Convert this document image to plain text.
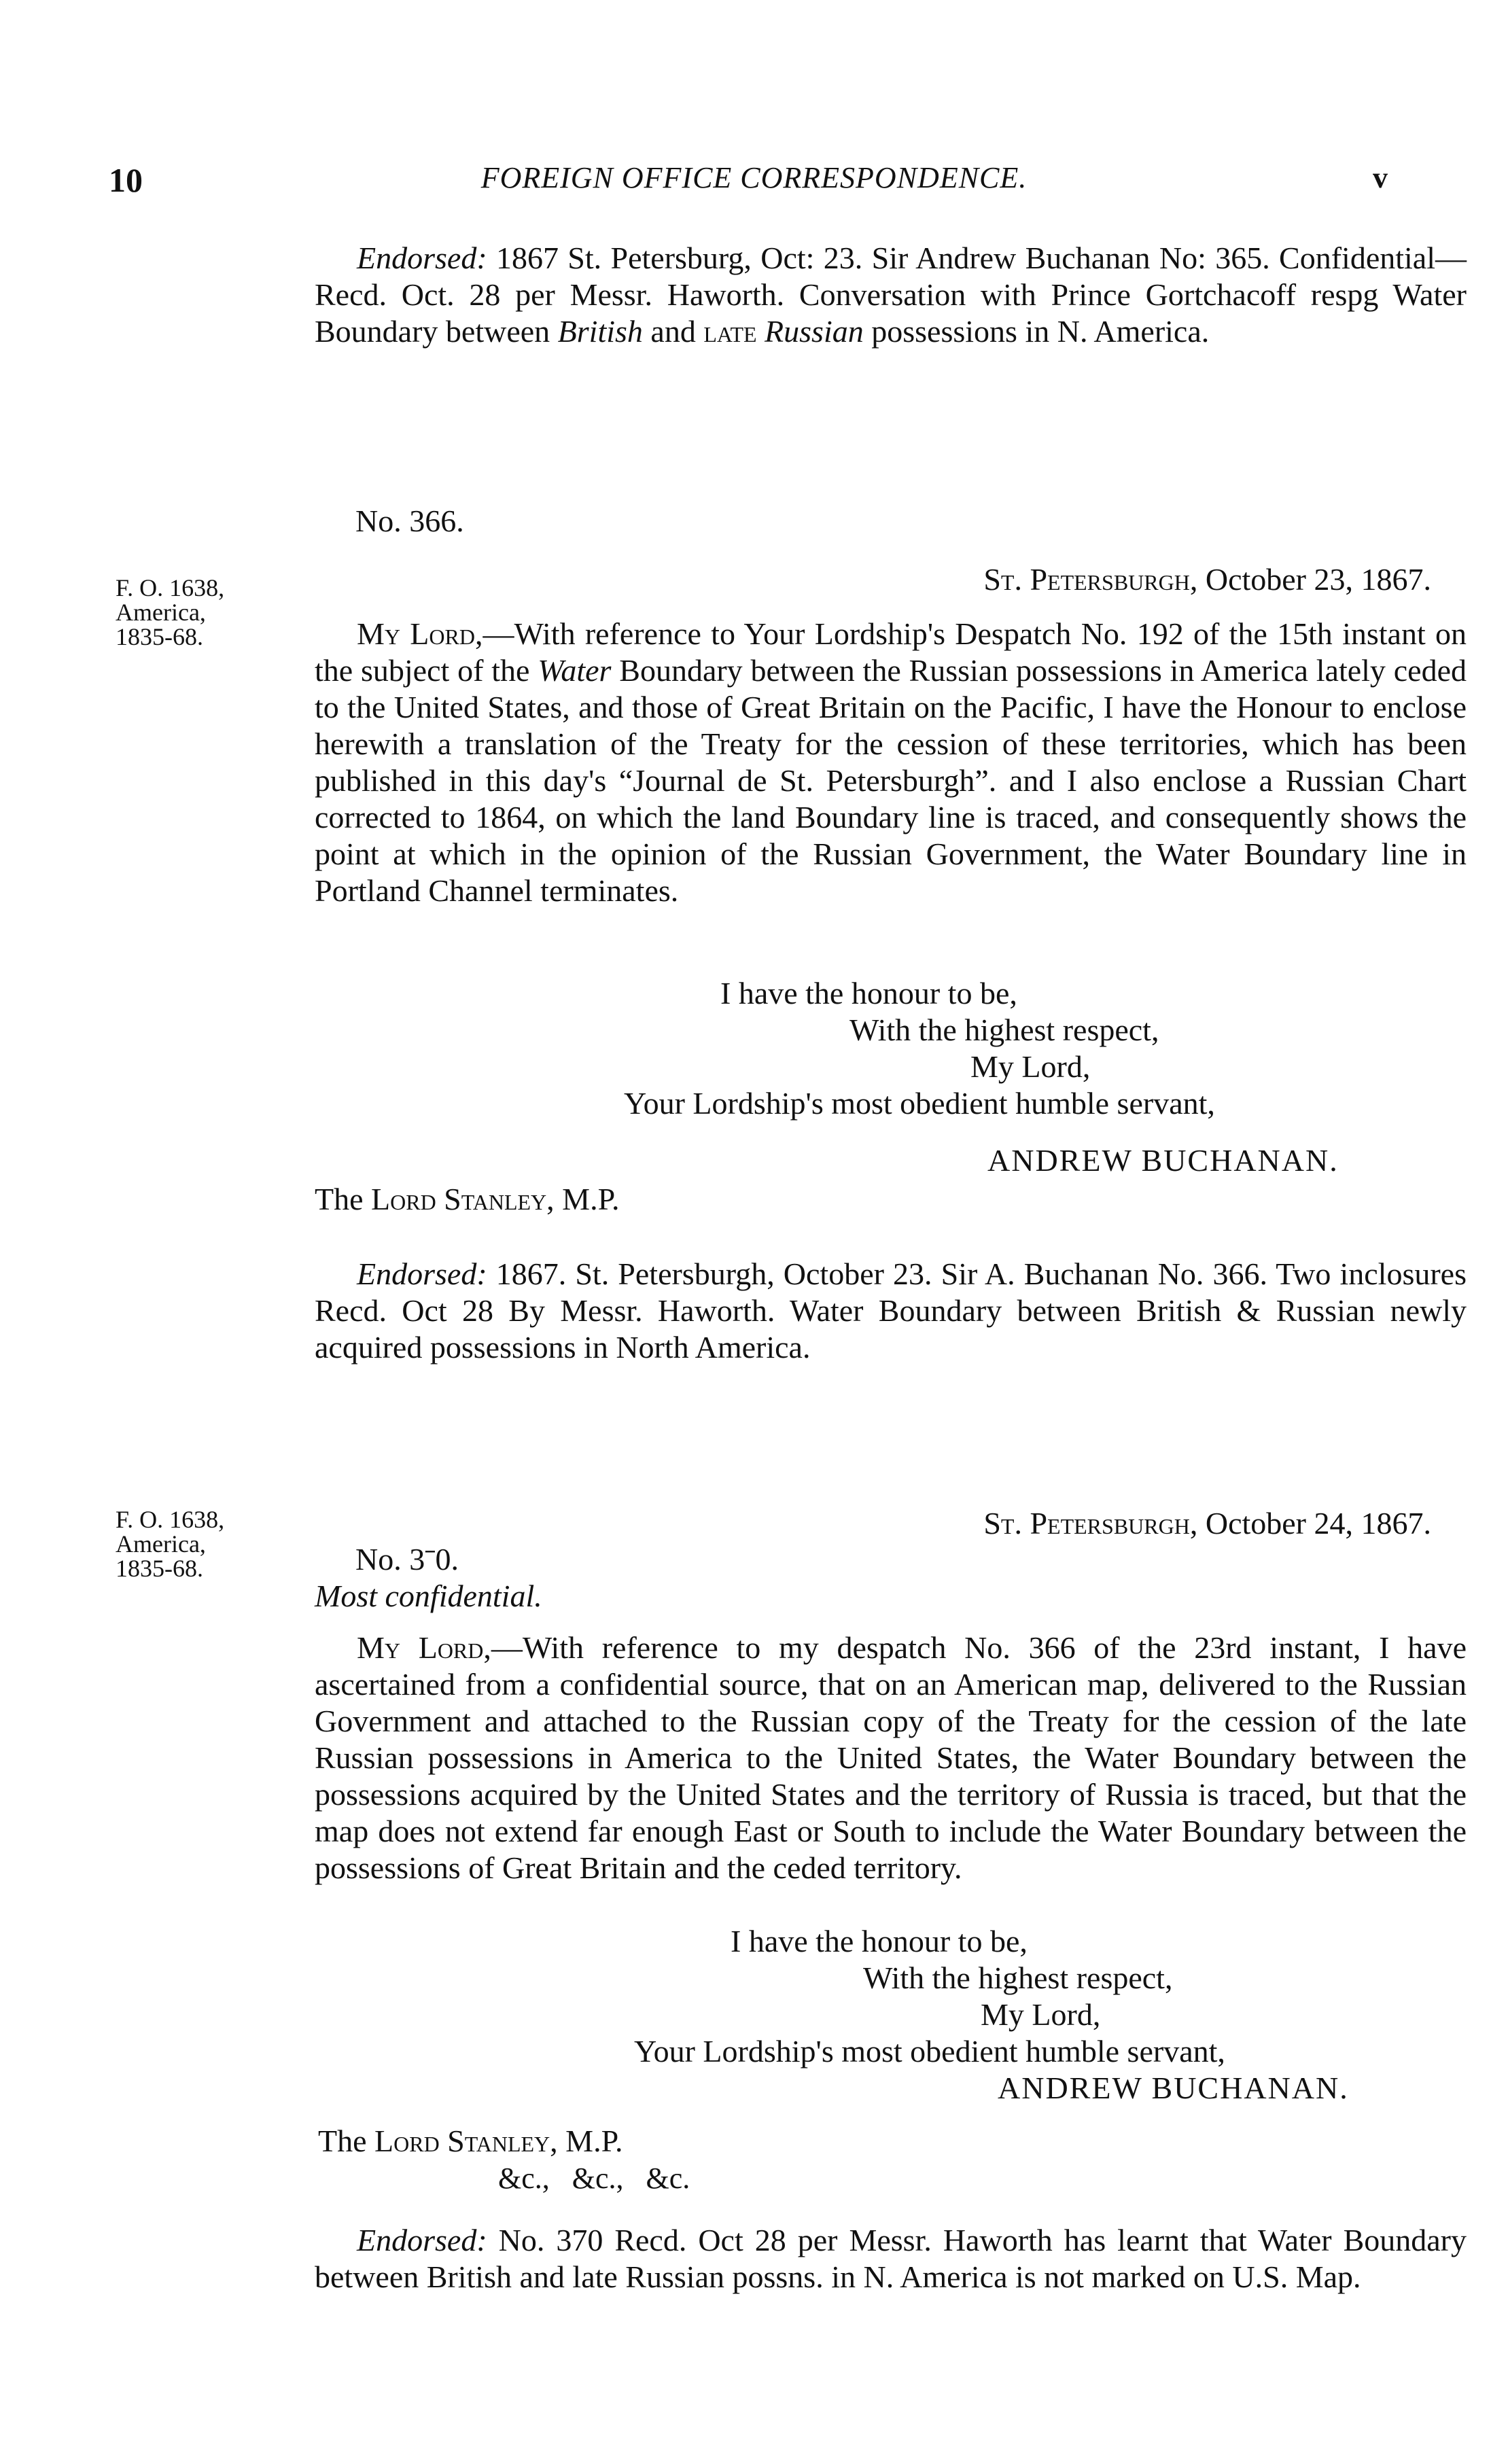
10	FOREIGN OFFICE CORRESPONDENCE.	v

Endorsed: 1867 St. Petersburg, Oct: 23. Sir Andrew Buchanan No: 365. Confidential—Recd. Oct. 28 per Messr. Haworth. Conversation with Prince Gortchacoff respg Water Boundary between British and late Russian possessions in N. America.

No. 366.
F. O. 1638,
America,
1835-68.
St. Petersburgh, October 23, 1867.

My Lord,—With reference to Your Lordship's Despatch No. 192 of the 15th instant on the subject of the Water Boundary between the Russian possessions in America lately ceded to the United States, and those of Great Britain on the Pacific, I have the Honour to enclose herewith a translation of the Treaty for the cession of these territories, which has been published in this day's “Journal de St. Petersburgh”. and I also enclose a Russian Chart corrected to 1864, on which the land Boundary line is traced, and consequently shows the point at which in the opinion of the Russian Government, the Water Boundary line in Portland Channel terminates.

I have the honour to be,
With the highest respect,
My Lord,
Your Lordship's most obedient humble servant,
ANDREW BUCHANAN.
The Lord Stanley, M.P.

Endorsed: 1867. St. Petersburgh, October 23. Sir A. Buchanan No. 366. Two inclosures Recd. Oct 28 By Messr. Haworth. Water Boundary between British & Russian newly acquired possessions in North America.

F. O. 1638,
America,
1835-68.
St. Petersburgh, October 24, 1867.
No. 3ˉ0.
Most confidential.

My Lord,—With reference to my despatch No. 366 of the 23rd instant, I have ascertained from a confidential source, that on an American map, delivered to the Russian Government and attached to the Russian copy of the Treaty for the cession of the late Russian possessions in America to the United States, the Water Boundary between the possessions acquired by the United States and the territory of Russia is traced, but that the map does not extend far enough East or South to include the Water Boundary between the possessions of Great Britain and the ceded territory.

I have the honour to be,
With the highest respect,
My Lord,
Your Lordship's most obedient humble servant,
ANDREW BUCHANAN.
The Lord Stanley, M.P.
&c.,   &c.,   &c.

Endorsed: No. 370 Recd. Oct 28 per Messr. Haworth has learnt that Water Boundary between British and late Russian possns. in N. America is not marked on U.S. Map.
